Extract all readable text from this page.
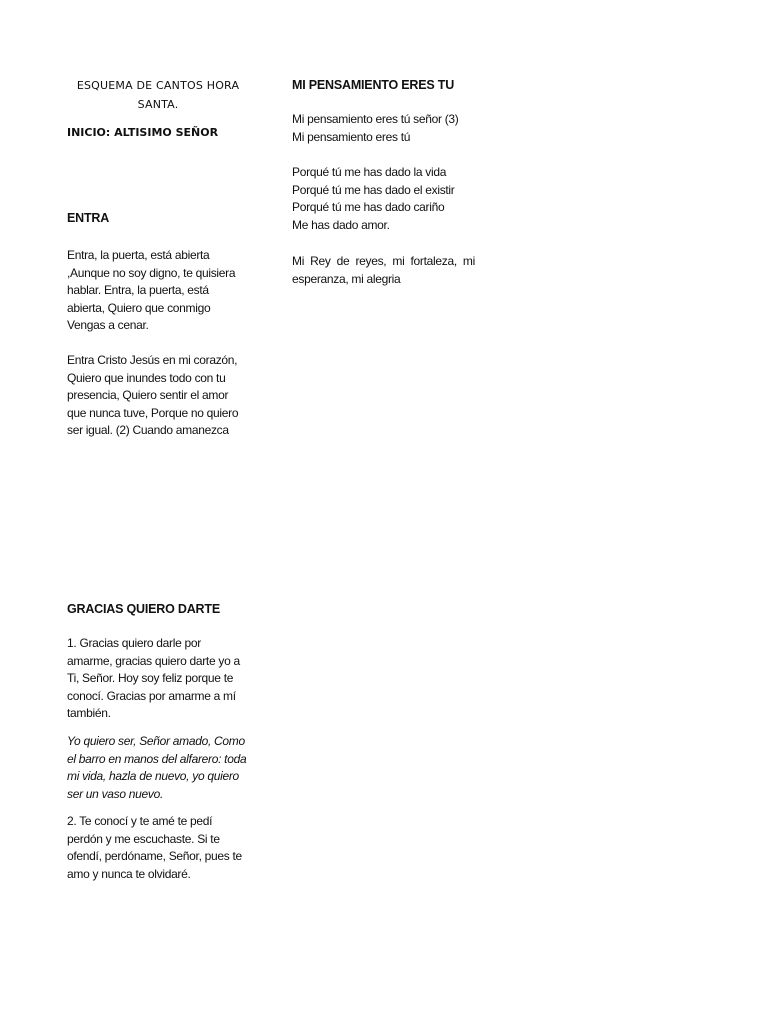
ESQUEMA DE CANTOS HORA
SANTA.
INICIO: ALTISIMO SEÑOR
ENTRA

Entra, la puerta, está abierta ,Aunque no soy digno, te quisiera hablar. Entra, la puerta, está abierta, Quiero que conmigo Vengas a cenar.

Entra Cristo Jesús en mi corazón, Quiero que inundes todo con tu presencia, Quiero sentir el amor que nunca tuve, Porque no quiero ser igual. (2) Cuando amanezca

GRACIAS QUIERO DARTE

1. Gracias quiero darle por amarme, gracias quiero darte yo a Ti, Señor. Hoy soy feliz porque te conocí. Gracias por amarme a mí también.

Yo quiero ser, Señor amado, Como el barro en manos del alfarero: toda mi vida, hazla de nuevo, yo quiero ser un vaso nuevo.

2. Te conocí y te amé te pedí perdón y me escuchaste. Si te ofendí, perdóname, Señor, pues te amo y nunca te olvidaré.

MI PENSAMIENTO ERES TU

Mi pensamiento eres tú señor (3)
Mi pensamiento eres tú

Porqué tú me has dado la vida
Porqué tú me has dado el existir
Porqué tú me has dado cariño
Me has dado amor.

Mi Rey de reyes, mi fortaleza, mi esperanza, mi alegria
